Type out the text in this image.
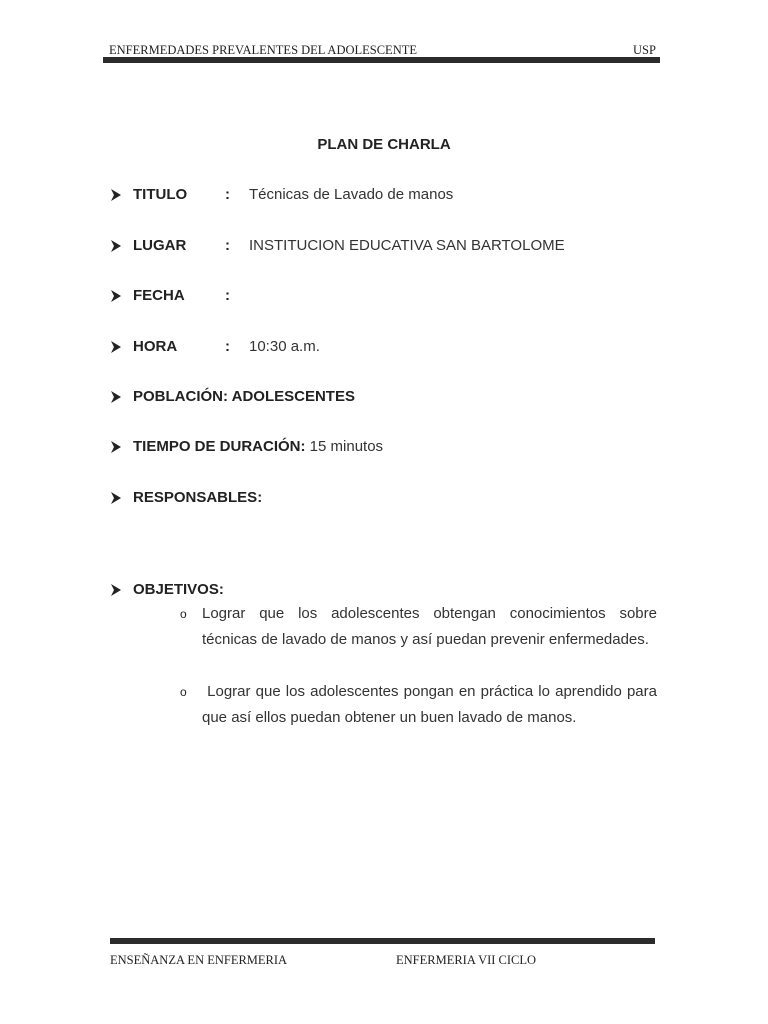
ENFERMEDADES PREVALENTES DEL ADOLESCENTE	USP
PLAN DE CHARLA
TITULO	: Técnicas de Lavado de manos
LUGAR	: INSTITUCION EDUCATIVA SAN BARTOLOME
FECHA	:
HORA	: 10:30 a.m.
POBLACIÓN: ADOLESCENTES
TIEMPO DE DURACIÓN: 15 minutos
RESPONSABLES:
OBJETIVOS:
o Lograr que los adolescentes obtengan conocimientos sobre técnicas de lavado de manos y así puedan prevenir enfermedades.
o Lograr que los adolescentes pongan en práctica lo aprendido para que así ellos puedan obtener un buen lavado de manos.
ENSEÑANZA EN ENFERMERIA	ENFERMERIA VII CICLO
